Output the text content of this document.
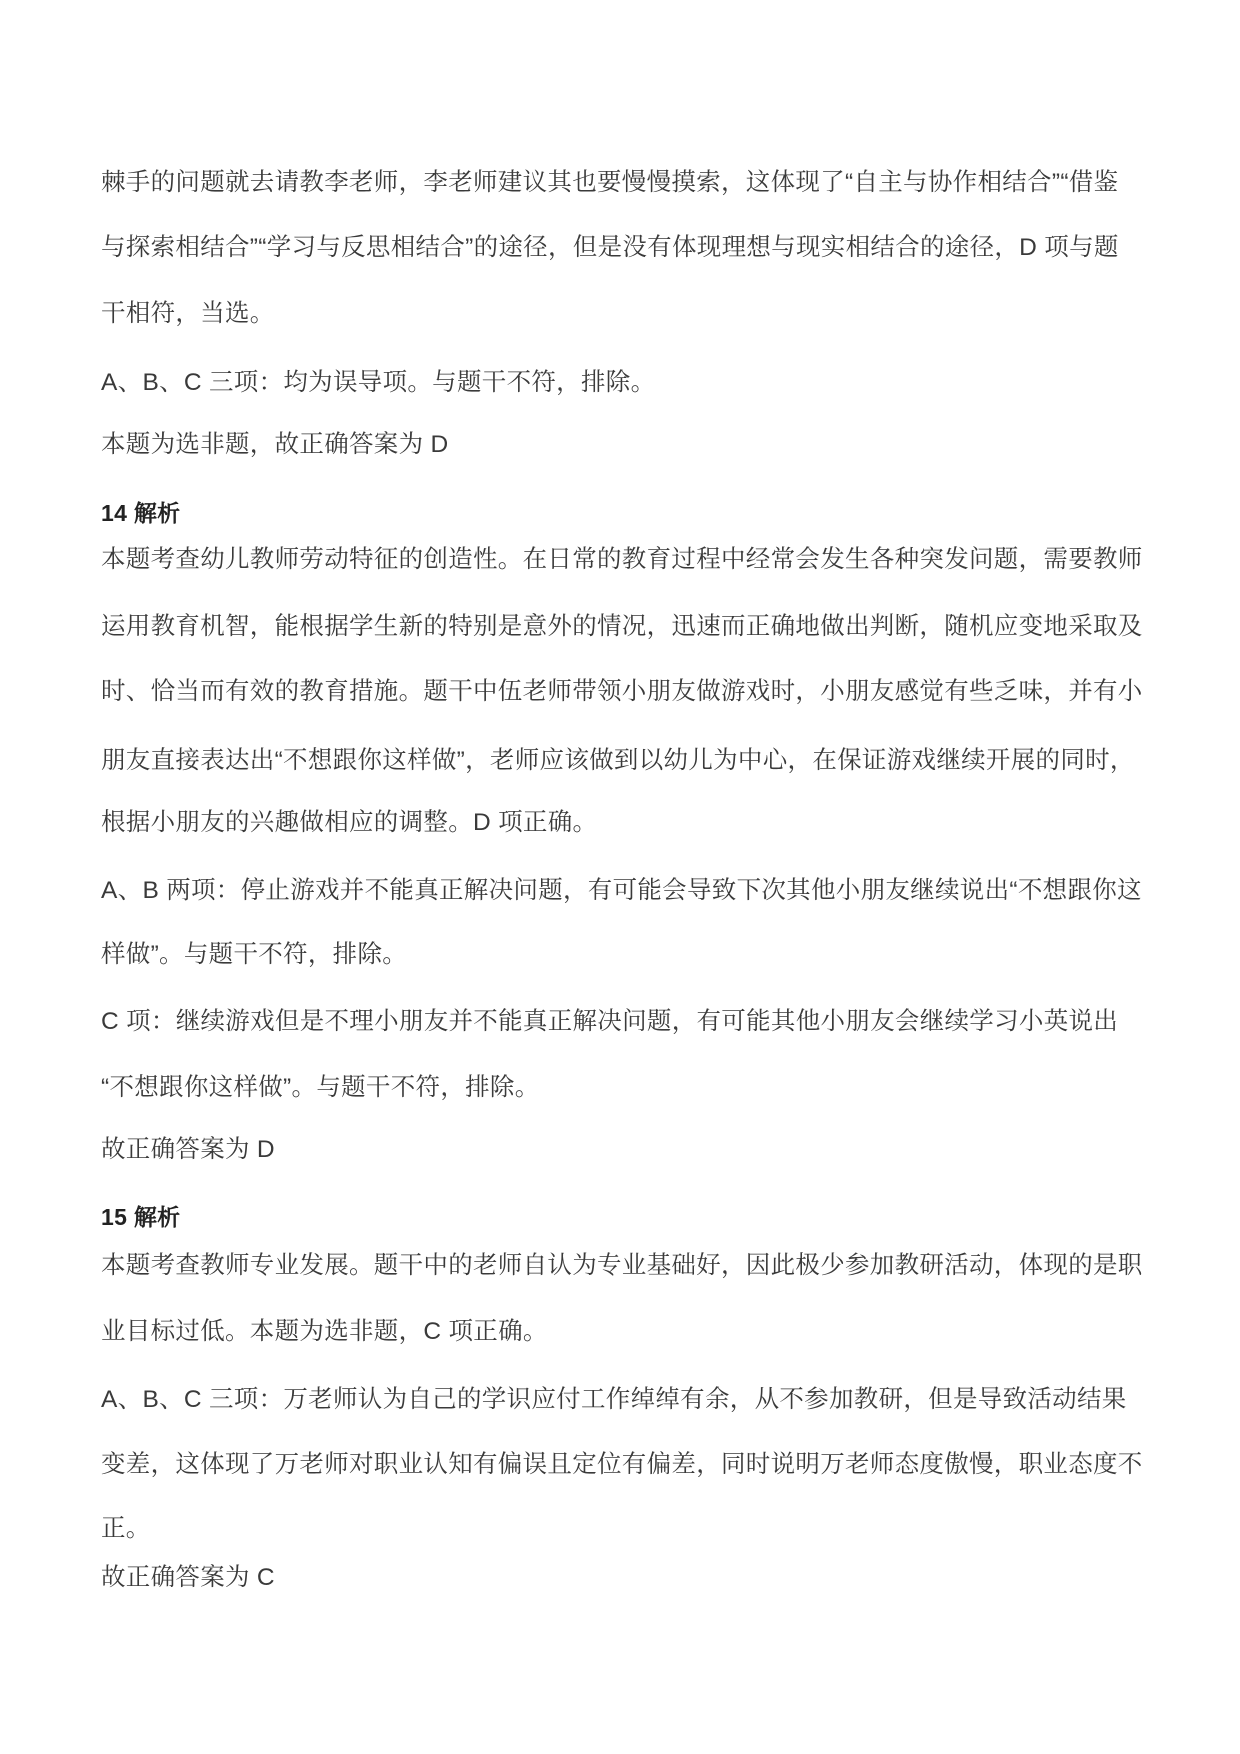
棘手的问题就去请教李老师，李老师建议其也要慢慢摸索，这体现了“自主与协作相结合”“借鉴
与探索相结合”“学习与反思相结合”的途径，但是没有体现理想与现实相结合的途径，D 项与题
干相符，当选。
A、B、C 三项：均为误导项。与题干不符，排除。
本题为选非题，故正确答案为 D
14 解析
本题考查幼儿教师劳动特征的创造性。在日常的教育过程中经常会发生各种突发问题，需要教师
运用教育机智，能根据学生新的特别是意外的情况，迅速而正确地做出判断，随机应变地采取及
时、恰当而有效的教育措施。题干中伍老师带领小朋友做游戏时，小朋友感觉有些乏味，并有小
朋友直接表达出“不想跟你这样做”，老师应该做到以幼儿为中心，在保证游戏继续开展的同时，
根据小朋友的兴趣做相应的调整。D 项正确。
A、B 两项：停止游戏并不能真正解决问题，有可能会导致下次其他小朋友继续说出“不想跟你这
样做”。与题干不符，排除。
C 项：继续游戏但是不理小朋友并不能真正解决问题，有可能其他小朋友会继续学习小英说出
“不想跟你这样做”。与题干不符，排除。
故正确答案为 D
15 解析
本题考查教师专业发展。题干中的老师自认为专业基础好，因此极少参加教研活动，体现的是职
业目标过低。本题为选非题，C 项正确。
A、B、C 三项：万老师认为自己的学识应付工作绰绰有余，从不参加教研，但是导致活动结果
变差，这体现了万老师对职业认知有偏误且定位有偏差，同时说明万老师态度傲慢，职业态度不
正。
故正确答案为 C
